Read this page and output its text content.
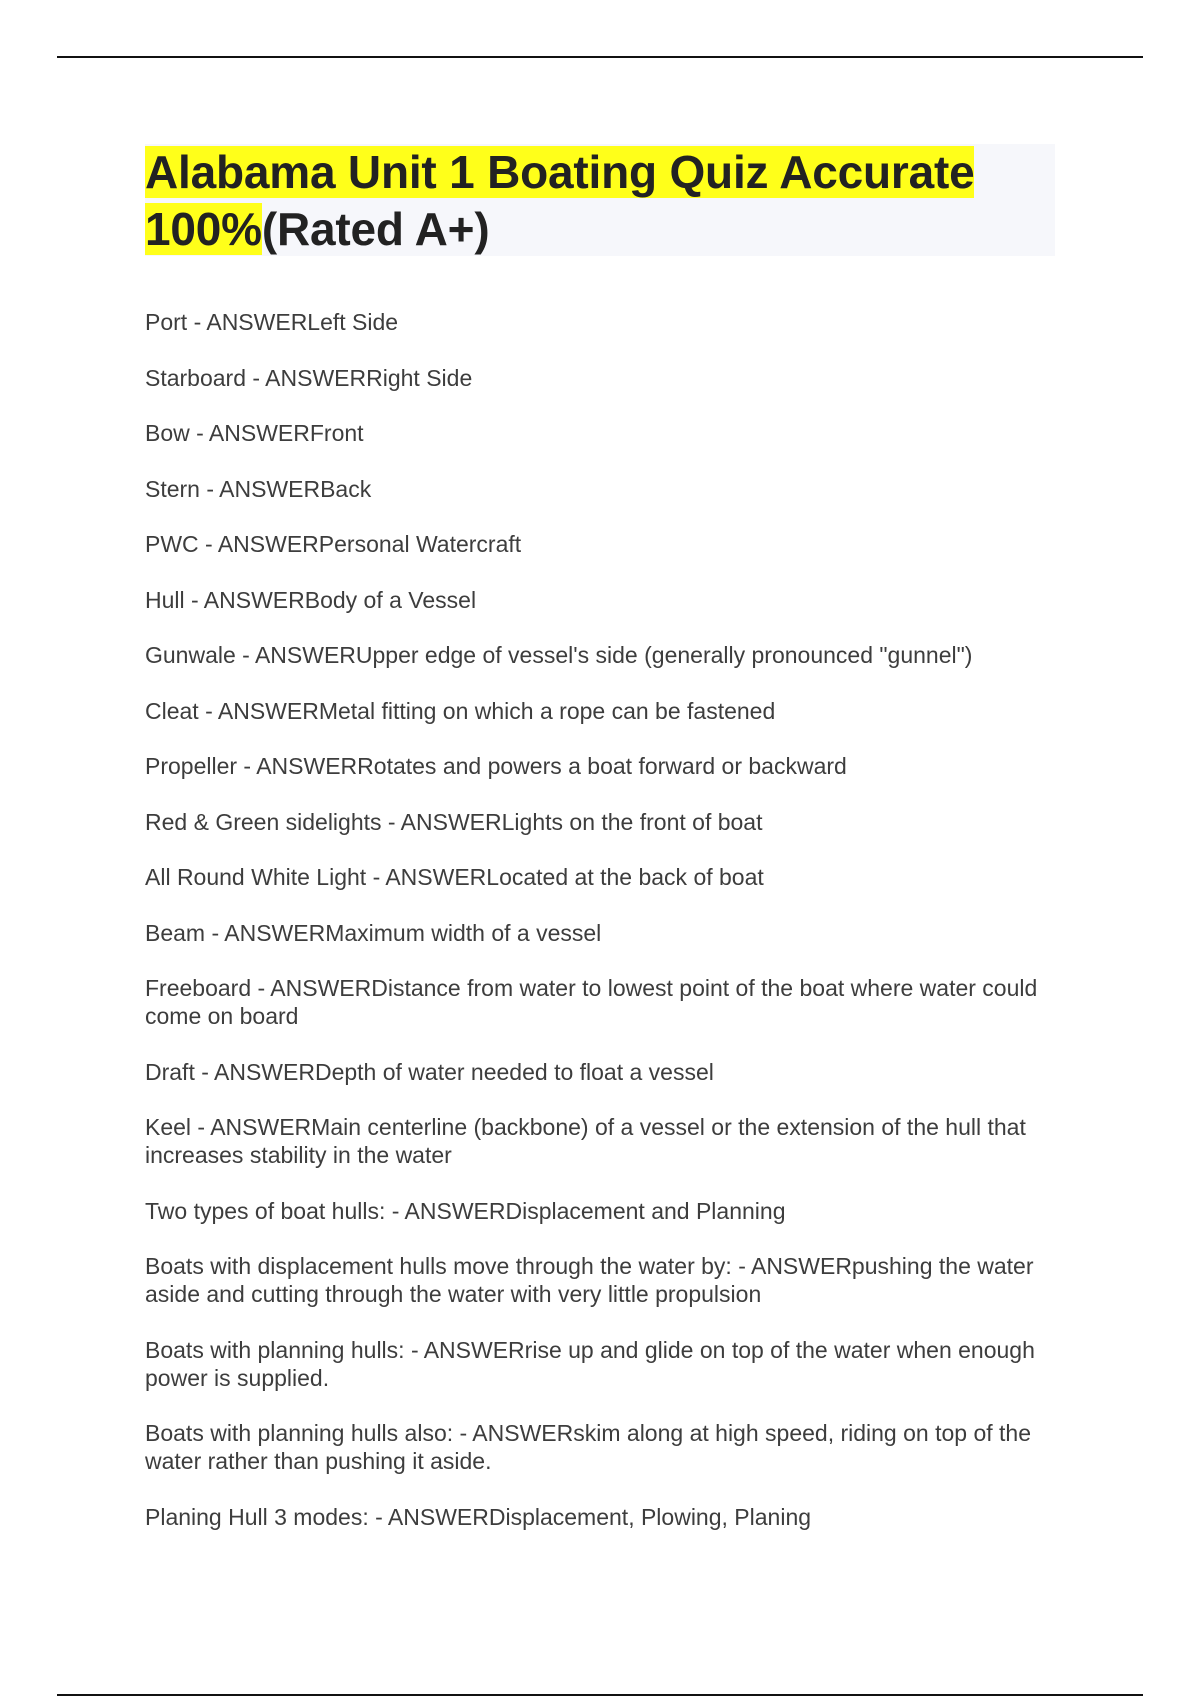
Alabama Unit 1 Boating Quiz Accurate 100%(Rated A+)
Port - ANSWERLeft Side
Starboard - ANSWERRight Side
Bow - ANSWERFront
Stern - ANSWERBack
PWC - ANSWERPersonal Watercraft
Hull - ANSWERBody of a Vessel
Gunwale - ANSWERUpper edge of vessel's side (generally pronounced "gunnel")
Cleat - ANSWERMetal fitting on which a rope can be fastened
Propeller - ANSWERRotates and powers a boat forward or backward
Red & Green sidelights - ANSWERLights on the front of boat
All Round White Light - ANSWERLocated at the back of boat
Beam - ANSWERMaximum width of a vessel
Freeboard - ANSWERDistance from water to lowest point of the boat where water could come on board
Draft - ANSWERDepth of water needed to float a vessel
Keel - ANSWERMain centerline (backbone) of a vessel or the extension of the hull that increases stability in the water
Two types of boat hulls: - ANSWERDisplacement and Planning
Boats with displacement hulls move through the water by: - ANSWERpushing the water aside and cutting through the water with very little propulsion
Boats with planning hulls: - ANSWERrise up and glide on top of the water when enough power is supplied.
Boats with planning hulls also: - ANSWERskim along at high speed, riding on top of the water rather than pushing it aside.
Planing Hull 3 modes: - ANSWERDisplacement, Plowing, Planing
